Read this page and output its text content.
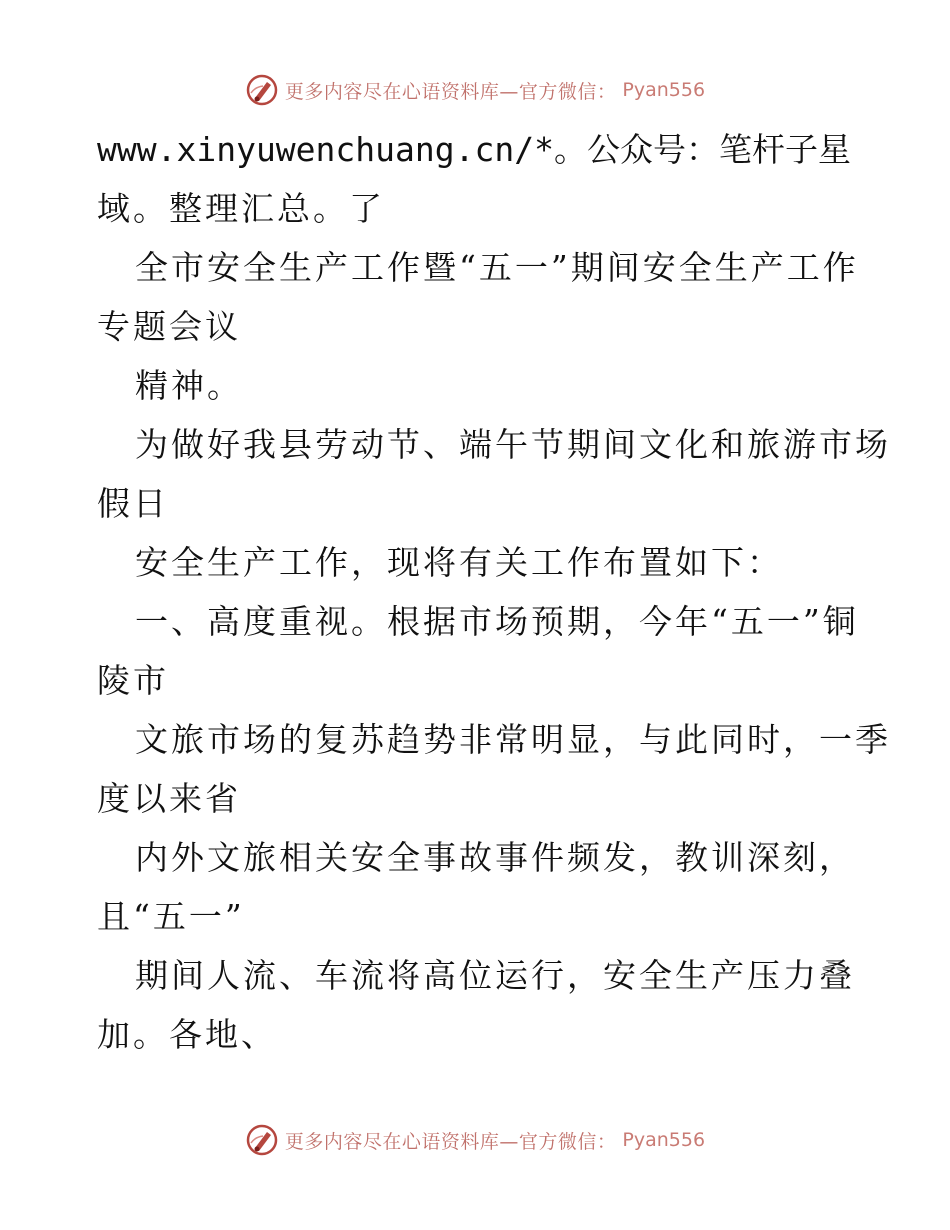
更多内容尽在心语资料库—官方微信： Pyan556
www.xinyuwenchuang.cn/*。公众号：笔杆子星
域。整理汇总。了
全市安全生产工作暨“五一”期间安全生产工作
专题会议
精神。
为做好我县劳动节、端午节期间文化和旅游市场
假日
安全生产工作，现将有关工作布置如下：
一、高度重视。根据市场预期，今年“五一”铜
陵市
文旅市场的复苏趋势非常明显，与此同时，一季
度以来省
内外文旅相关安全事故事件频发，教训深刻，
且“五一”
期间人流、车流将高位运行，安全生产压力叠
加。各地、
更多内容尽在心语资料库—官方微信： Pyan556
